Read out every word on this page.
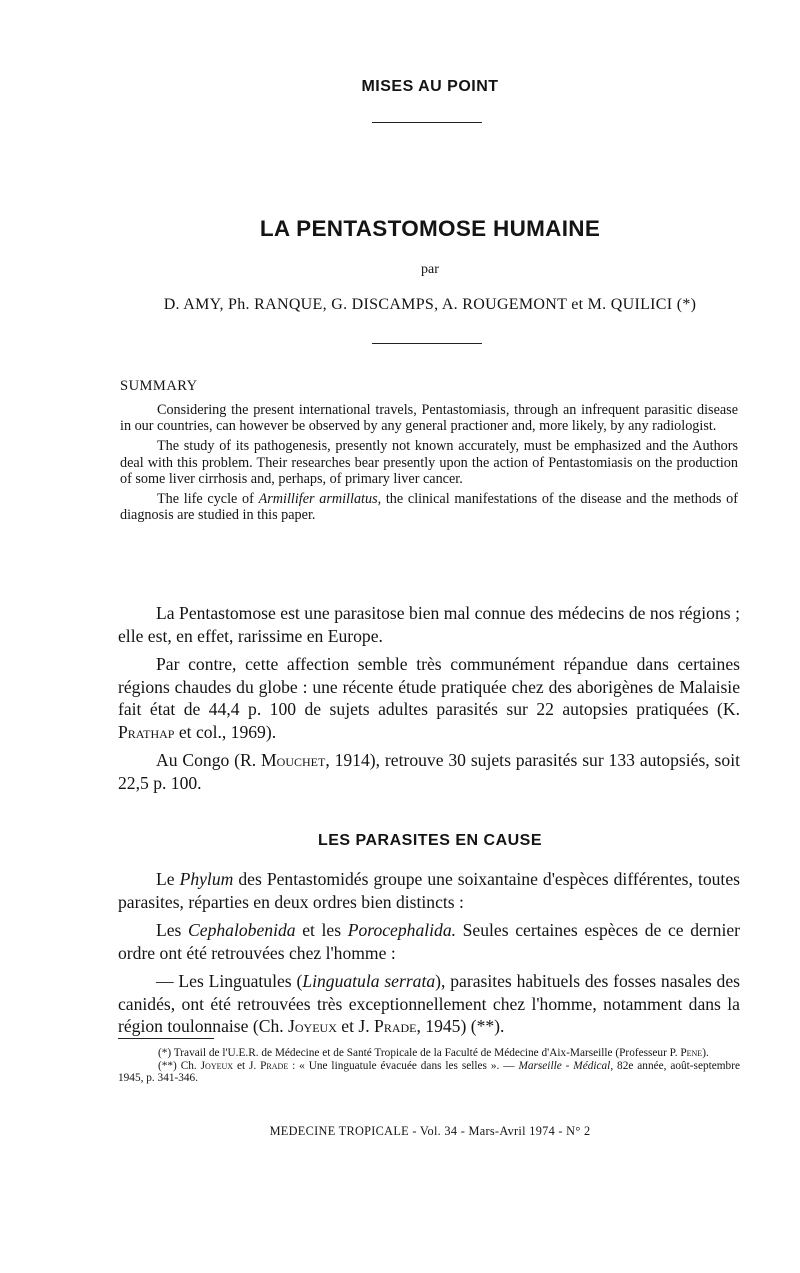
MISES AU POINT
LA PENTASTOMOSE HUMAINE
par
D. AMY, Ph. RANQUE, G. DISCAMPS, A. ROUGEMONT et M. QUILICI (*)
SUMMARY

Considering the present international travels, Pentastomiasis, through an infrequent parasitic disease in our countries, can however be observed by any general practioner and, more likely, by any radiologist.

The study of its pathogenesis, presently not known accurately, must be emphasized and the Authors deal with this problem. Their researches bear presently upon the action of Pentastomiasis on the production of some liver cirrhosis and, perhaps, of primary liver cancer.

The life cycle of Armillifer armillatus, the clinical manifestations of the disease and the methods of diagnosis are studied in this paper.

La Pentastomose est une parasitose bien mal connue des médecins de nos régions ; elle est, en effet, rarissime en Europe.

Par contre, cette affection semble très communément répandue dans certaines régions chaudes du globe : une récente étude pratiquée chez des aborigènes de Malaisie fait état de 44,4 p. 100 de sujets adultes parasités sur 22 autopsies pratiquées (K. Prathap et col., 1969).

Au Congo (R. Mouchet, 1914), retrouve 30 sujets parasités sur 133 autopsiés, soit 22,5 p. 100.

LES PARASITES EN CAUSE

Le Phylum des Pentastomidés groupe une soixantaine d'espèces différentes, toutes parasites, réparties en deux ordres bien distincts :

Les Cephalobenida et les Porocephalida. Seules certaines espèces de ce dernier ordre ont été retrouvées chez l'homme :

— Les Linguatules (Linguatula serrata), parasites habituels des fosses nasales des canidés, ont été retrouvées très exceptionnellement chez l'homme, notamment dans la région toulonnaise (Ch. Joyeux et J. Prade, 1945) (**).

(*) Travail de l'U.E.R. de Médecine et de Santé Tropicale de la Faculté de Médecine d'Aix-Marseille (Professeur P. Pene).

(**) Ch. Joyeux et J. Prade : « Une linguatule évacuée dans les selles ». — Marseille - Médical, 82e année, août-septembre 1945, p. 341-346.

MEDECINE TROPICALE - Vol. 34 - Mars-Avril 1974 - N° 2
